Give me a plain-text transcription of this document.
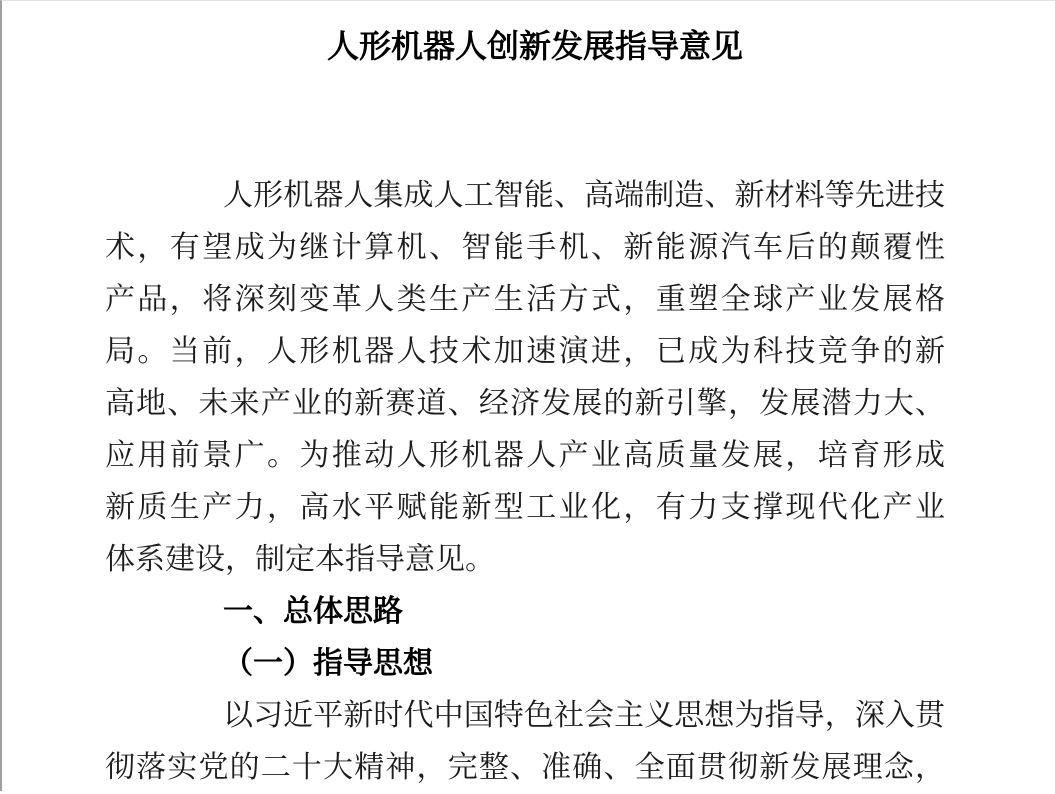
人形机器人创新发展指导意见

人形机器人集成人工智能、高端制造、新材料等先进技

术，有望成为继计算机、智能手机、新能源汽车后的颠覆性

产品，将深刻变革人类生产生活方式，重塑全球产业发展格

局。当前，人形机器人技术加速演进，已成为科技竞争的新

高地、未来产业的新赛道、经济发展的新引擎，发展潜力大、

应用前景广。为推动人形机器人产业高质量发展，培育形成

新质生产力，高水平赋能新型工业化，有力支撑现代化产业

体系建设，制定本指导意见。

一、总体思路

（一）指导思想

以习近平新时代中国特色社会主义思想为指导，深入贯

彻落实党的二十大精神，完整、准确、全面贯彻新发展理念，
